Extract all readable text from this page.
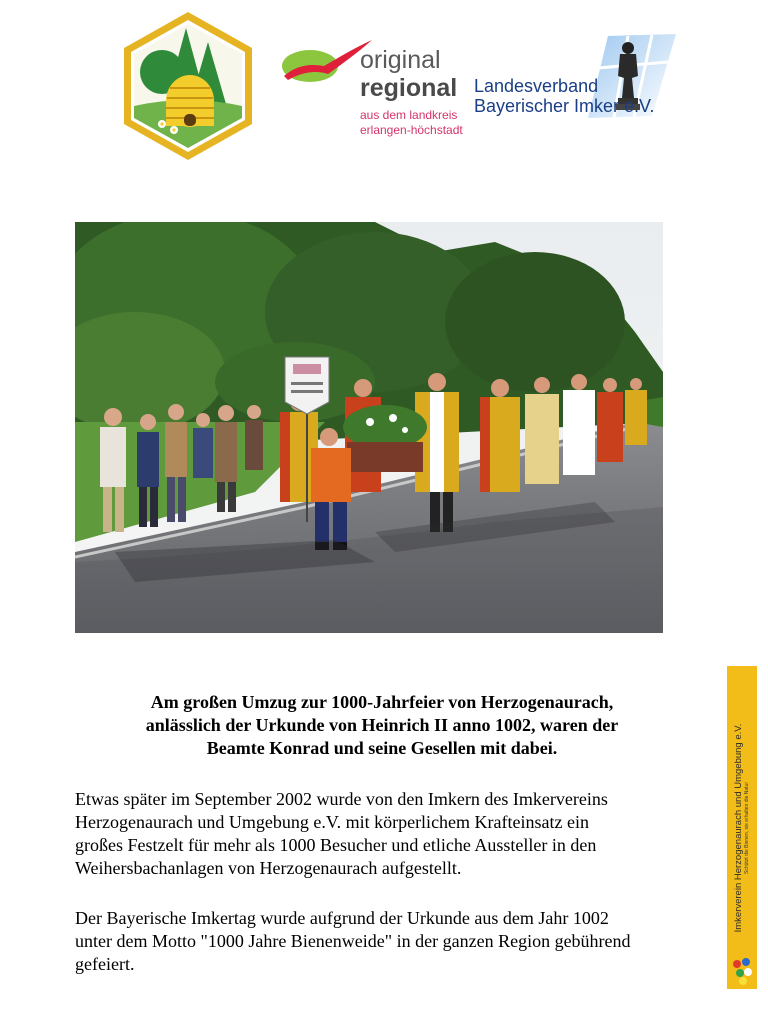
original
regional
aus dem landkreis
erlangen-höchstadt
Landesverband
Bayerischer Imker e.V.
Am großen Umzug zur 1000-Jahrfeier von Herzogenaurach,
anlässlich der Urkunde von Heinrich II anno 1002, waren der
Beamte Konrad und seine Gesellen mit dabei.
Etwas später im September 2002 wurde von den Imkern des Imkervereins
Herzogenaurach und Umgebung e.V. mit körperlichem Krafteinsatz ein
großes Festzelt für mehr als 1000 Besucher und etliche Aussteller in den
Weihersbachanlagen von Herzogenaurach aufgestellt.
Der Bayerische Imkertag wurde aufgrund der Urkunde aus dem Jahr 1002
unter dem Motto "1000 Jahre Bienenweide" in der ganzen Region gebührend
gefeiert.
Imkerverein Herzogenaurach und Umgebung e.V. Schützt die Bienen, sie erhalten die Natur
